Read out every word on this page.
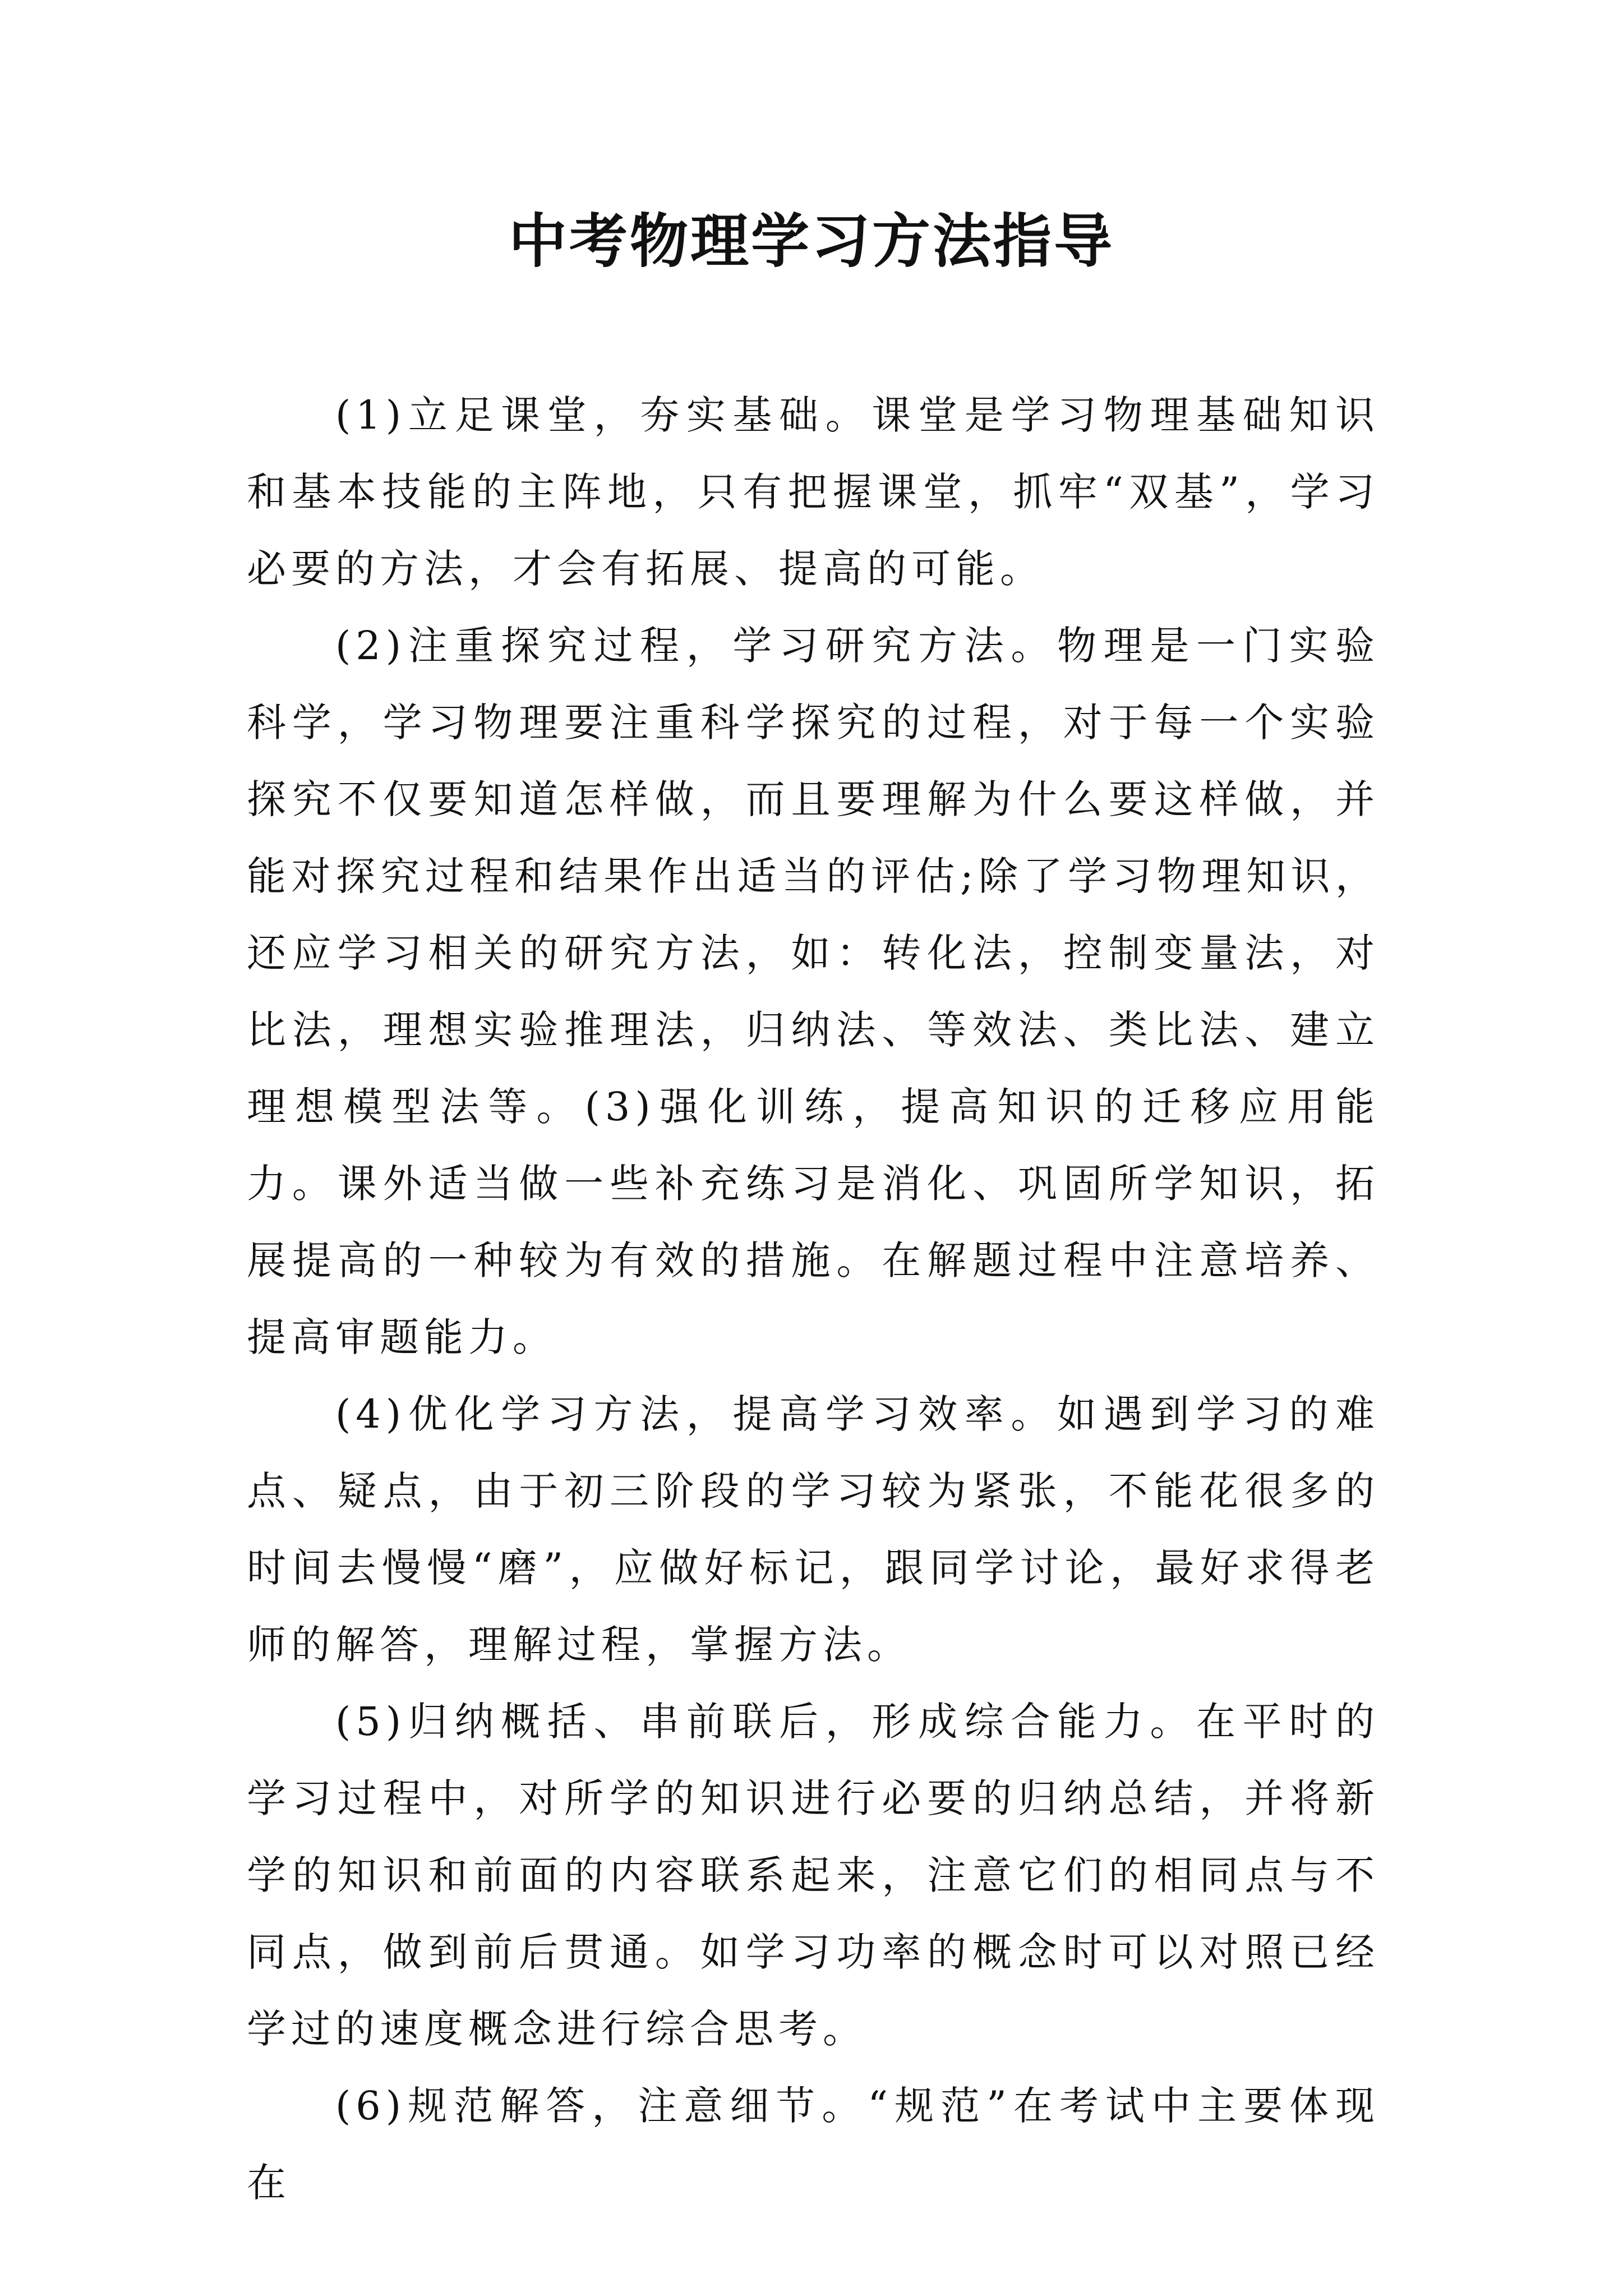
中考物理学习方法指导

(1)立足课堂，夯实基础。课堂是学习物理基础知识和基本技能的主阵地，只有把握课堂，抓牢“双基”，学习必要的方法，才会有拓展、提高的可能。

(2)注重探究过程，学习研究方法。物理是一门实验科学，学习物理要注重科学探究的过程，对于每一个实验探究不仅要知道怎样做，而且要理解为什么要这样做，并能对探究过程和结果作出适当的评估;除了学习物理知识，还应学习相关的研究方法，如：转化法，控制变量法，对比法，理想实验推理法，归纳法、等效法、类比法、建立理想模型法等。(3)强化训练，提高知识的迁移应用能力。课外适当做一些补充练习是消化、巩固所学知识，拓展提高的一种较为有效的措施。在解题过程中注意培养、提高审题能力。

(4)优化学习方法，提高学习效率。如遇到学习的难点、疑点，由于初三阶段的学习较为紧张，不能花很多的时间去慢慢“磨”，应做好标记，跟同学讨论，最好求得老师的解答，理解过程，掌握方法。

(5)归纳概括、串前联后，形成综合能力。在平时的学习过程中，对所学的知识进行必要的归纳总结，并将新学的知识和前面的内容联系起来，注意它们的相同点与不同点，做到前后贯通。如学习功率的概念时可以对照已经学过的速度概念进行综合思考。

(6)规范解答，注意细节。“规范”在考试中主要体现在
